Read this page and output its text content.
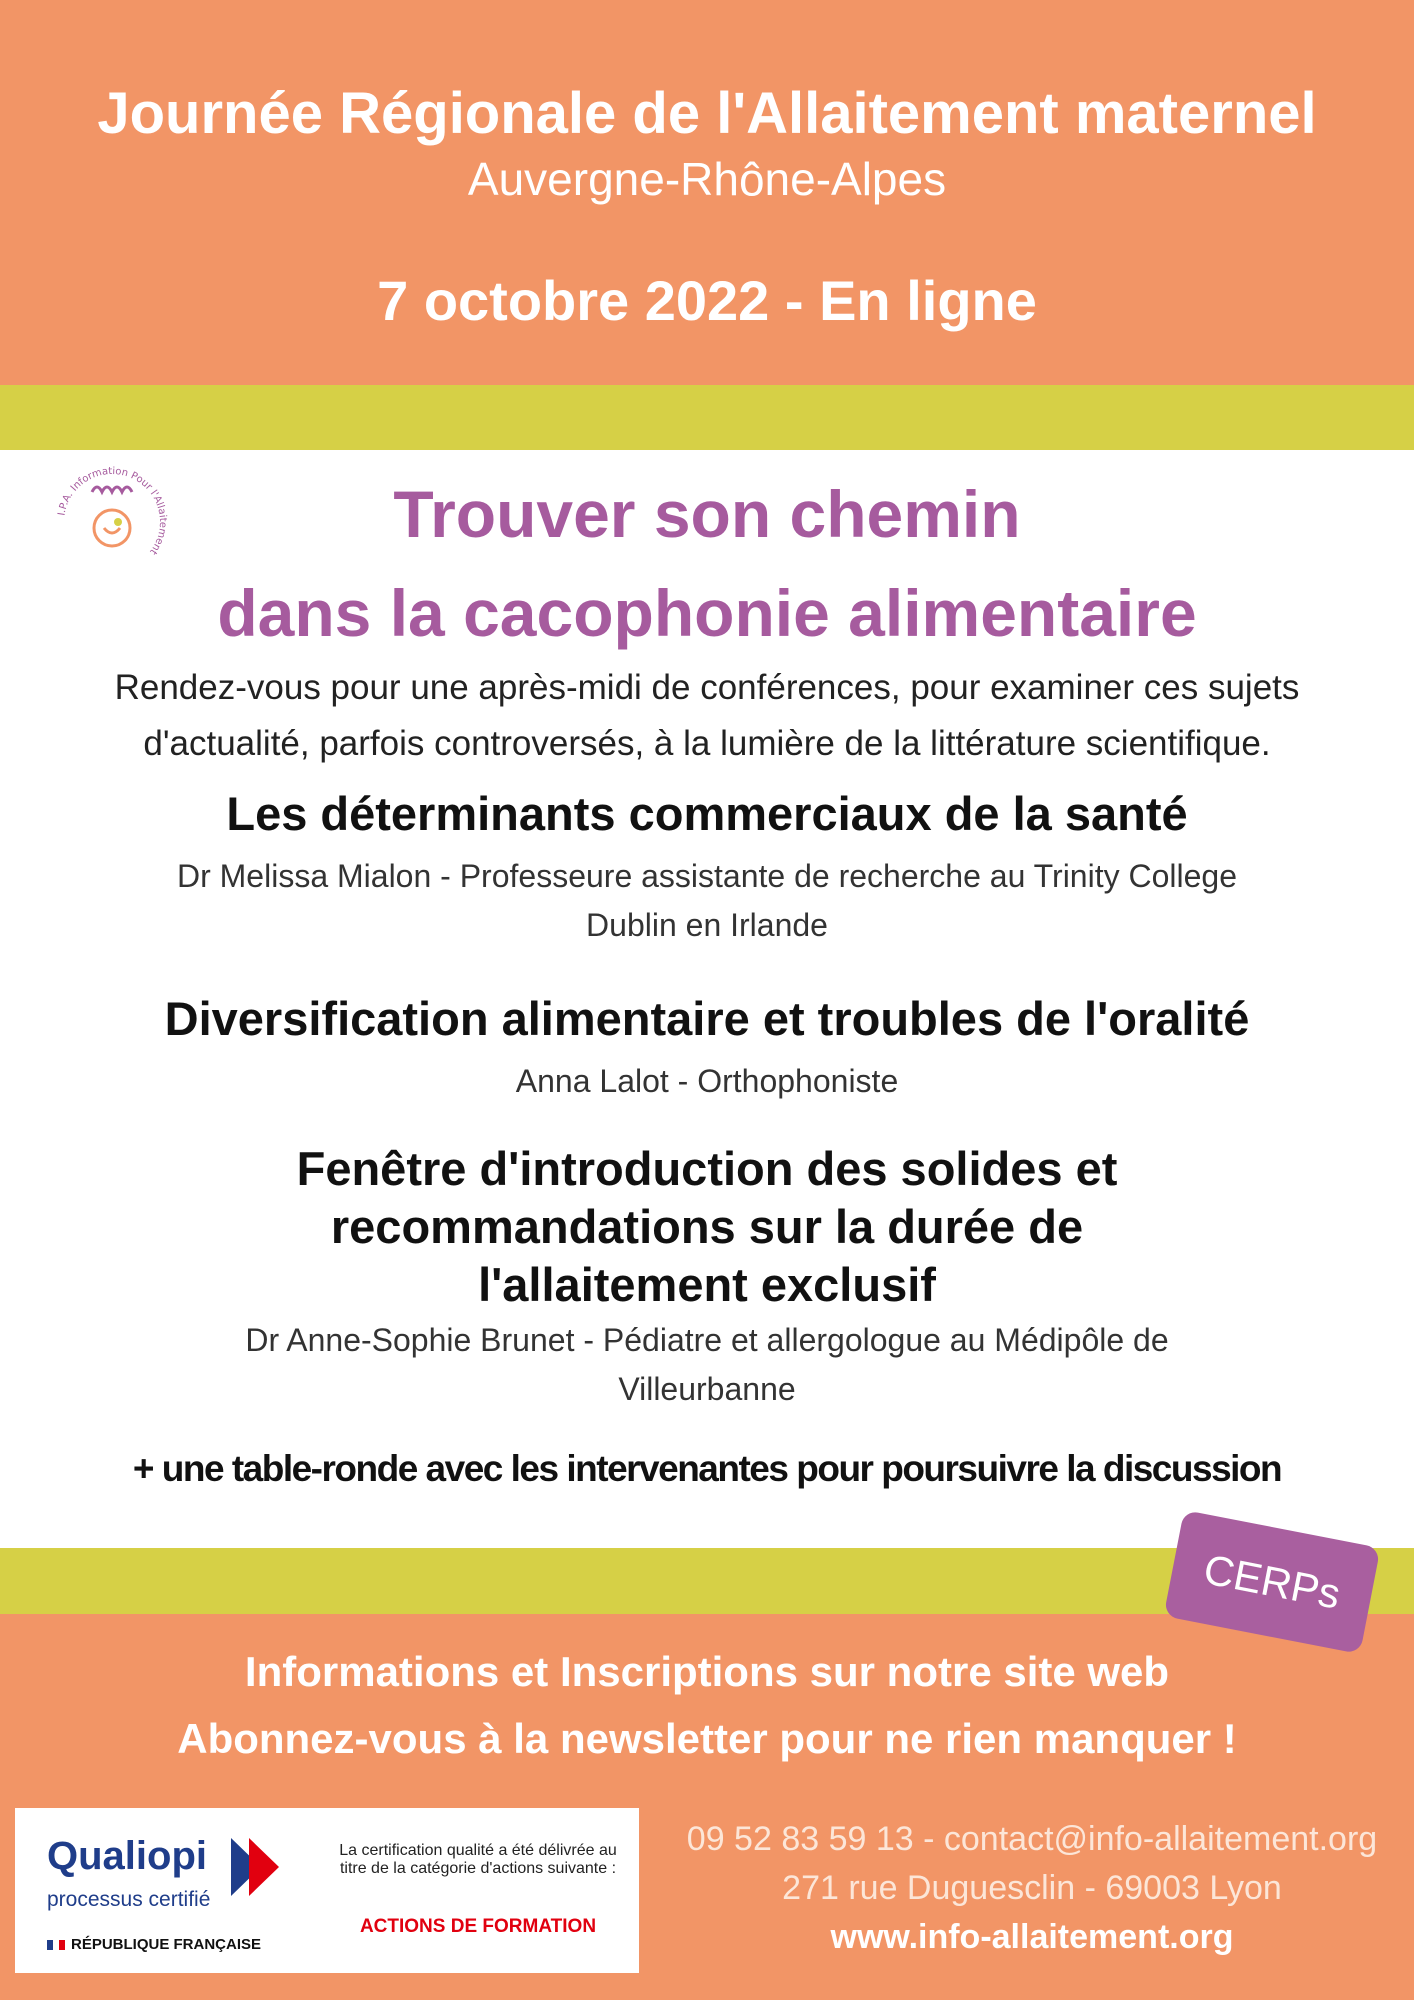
Journée Régionale de l'Allaitement maternel
Auvergne-Rhône-Alpes
7 octobre 2022 - En ligne
I.P.A. Information Pour l'Allaitement
Trouver son chemin
dans la cacophonie alimentaire
Rendez-vous pour une après-midi de conférences, pour examiner ces sujets
d'actualité, parfois controversés, à la lumière de la littérature scientifique.
Les déterminants commerciaux de la santé
Dr Melissa Mialon - Professeure assistante de recherche au Trinity College
Dublin en Irlande
Diversification alimentaire et troubles de l'oralité
Anna Lalot - Orthophoniste
Fenêtre d'introduction des solides et
recommandations sur la durée de
l'allaitement exclusif
Dr Anne-Sophie Brunet - Pédiatre et allergologue au Médipôle de
Villeurbanne
+ une table-ronde avec les intervenantes pour poursuivre la discussion
CERPs
Informations et Inscriptions sur notre site web
Abonnez-vous à la newsletter pour ne rien manquer !
Qualiopi
processus certifié
RÉPUBLIQUE FRANÇAISE
La certification qualité a été délivrée au titre de la catégorie d'actions suivante :
ACTIONS DE FORMATION
09 52 83 59 13 - contact@info-allaitement.org
271 rue Duguesclin - 69003 Lyon
www.info-allaitement.org
